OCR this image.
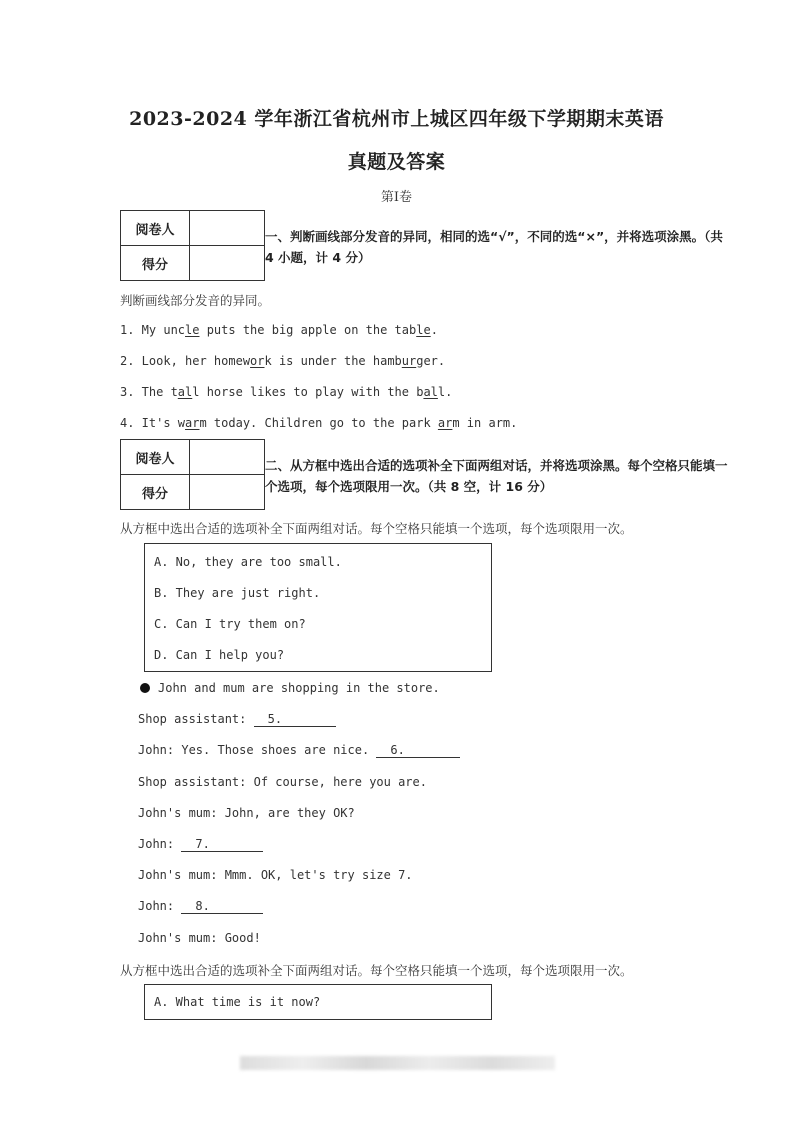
2023-2024 学年浙江省杭州市上城区四年级下学期期末英语
真题及答案
第Ⅰ卷
阅卷人	
得分	
一、判断画线部分发音的异同，相同的选“√”，不同的选“×”，并将选项涂黑。（共
4 小题，计 4 分）
判断画线部分发音的异同。
1. My uncle puts the big apple on the table.
2. Look, her homework is under the hamburger.
3. The tall horse likes to play with the ball.
4. It's warm today. Children go to the park arm in arm.
阅卷人	
得分	
二、从方框中选出合适的选项补全下面两组对话，并将选项涂黑。每个空格只能填一
个选项，每个选项限用一次。（共 8 空，计 16 分）
从方框中选出合适的选项补全下面两组对话。每个空格只能填一个选项，每个选项限用一次。
A. No, they are too small.
B. They are just right.
C. Can I try them on?
D. Can I help you?
John and mum are shopping in the store.
Shop assistant: 5.
John: Yes. Those shoes are nice. 6.
Shop assistant: Of course, here you are.
John's mum: John, are they OK?
John: 7.
John's mum: Mmm. OK, let's try size 7.
John: 8.
John's mum: Good!
从方框中选出合适的选项补全下面两组对话。每个空格只能填一个选项，每个选项限用一次。
A. What time is it now?
